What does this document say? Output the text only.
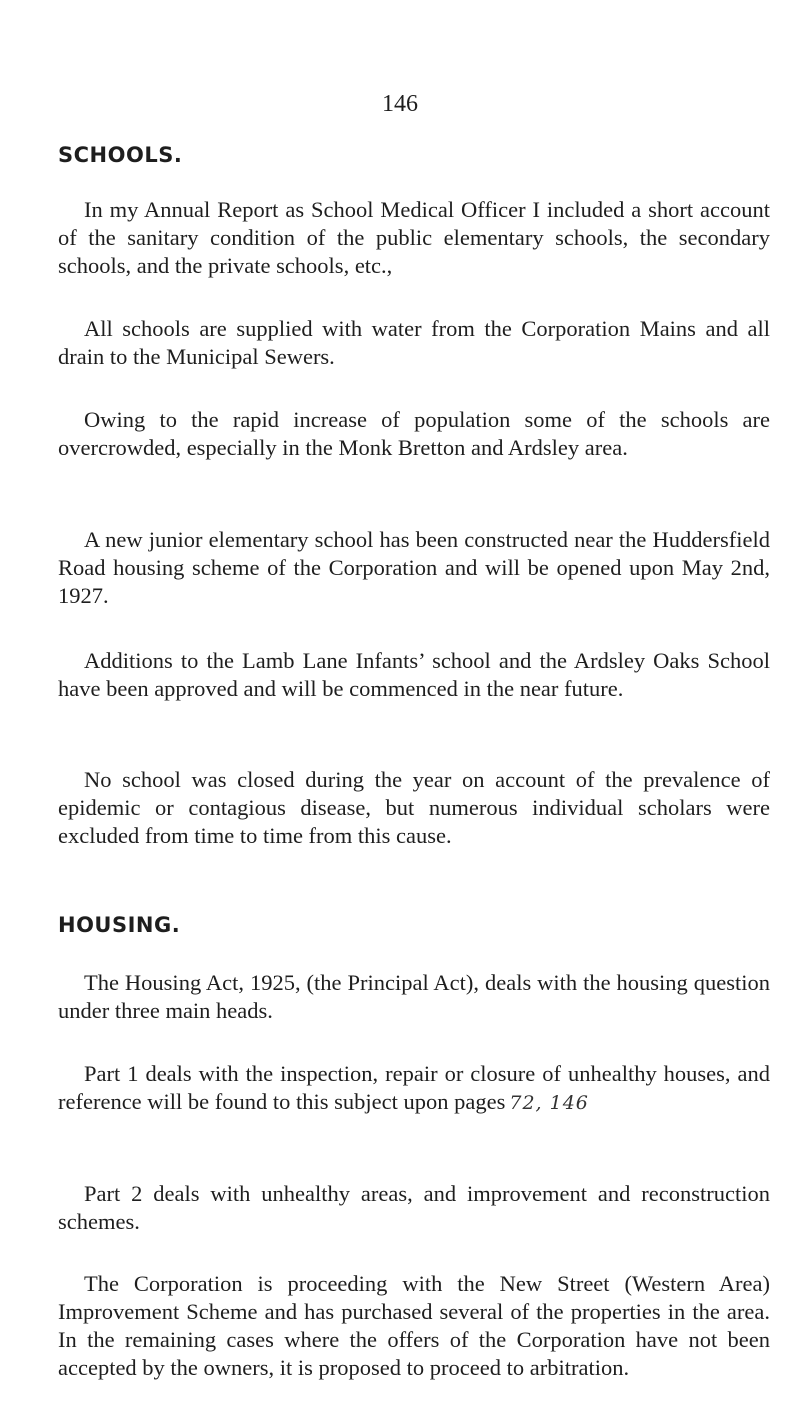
146
SCHOOLS.

In my Annual Report as School Medical Officer I included a short account of the sanitary condition of the public elementary schools, the secondary schools, and the private schools, etc.,

All schools are supplied with water from the Corporation Mains and all drain to the Municipal Sewers.

Owing to the rapid increase of population some of the schools are overcrowded, especially in the Monk Bretton and Ardsley area.

A new junior elementary school has been constructed near the Huddersfield Road housing scheme of the Corporation and will be opened upon May 2nd, 1927.

Additions to the Lamb Lane Infants’ school and the Ardsley Oaks School have been approved and will be commenced in the near future.

No school was closed during the year on account of the prevalence of epidemic or contagious disease, but numerous individual scholars were excluded from time to time from this cause.

HOUSING.

The Housing Act, 1925, (the Principal Act), deals with the housing question under three main heads.

Part 1 deals with the inspection, repair or closure of unhealthy houses, and reference will be found to this subject upon pages 72, 146

Part 2 deals with unhealthy areas, and improvement and reconstruction schemes.

The Corporation is proceeding with the New Street (Western Area) Improvement Scheme and has purchased several of the properties in the area. In the remaining cases where the offers of the Corporation have not been accepted by the owners, it is proposed to proceed to arbitration.
